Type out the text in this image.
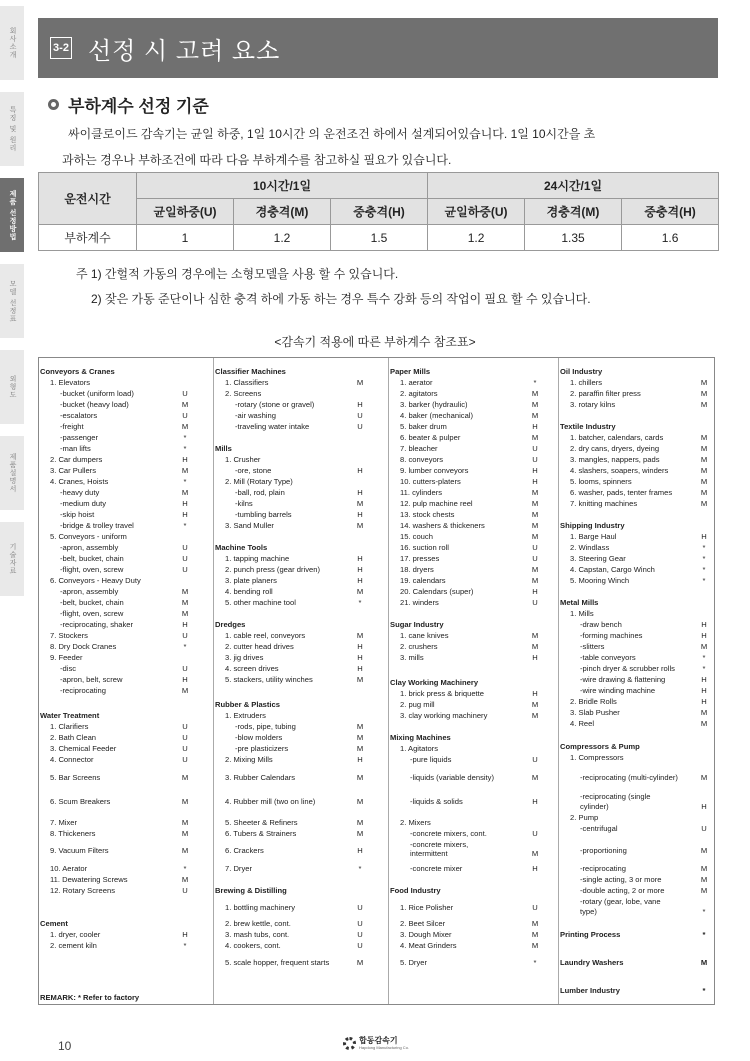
회사소개
특징 및 원리
제품 선정방법
모델 선정표
외형도
제품설명서
기술자료
3-2 선정 시 고려 요소
부하계수 선정 기준

싸이클로이드 감속기는 균일 하중, 1일 10시간 의 운전조건 하에서 설계되어있습니다. 1일 10시간을 초

과하는 경우나 부하조건에 따라 다음 부하계수를 참고하실 필요가 있습니다.

운전시간	10시간/1일			24시간/1일		
	균일하중(U)	경충격(M)	중충격(H)	균일하중(U)	경충격(M)	중충격(H)
부하계수	1	1.2	1.5	1.2	1.35	1.6

주 1) 간헐적 가동의 경우에는 소형모델을 사용 할 수 있습니다.

2) 잦은 가동 준단이나 심한 충격 하에 가동 하는 경우 특수 강화 등의 작업이 필요 할 수 있습니다.

<감속기 적용에 따른 부하계수 참조표>
Conveyors & Cranes
1. Elevators
-bucket (uniform load)	U
-bucket (heavy load)	M
-escalators	U
-freight	M
-passenger	*
-man lifts	*
2. Car dumpers	H
3. Car Pullers	M
4. Cranes, Hoists	*
-heavy duty	M
-medium duty	H
-skip hoist	H
-bridge & trolley travel	*
5. Conveyors - uniform
-apron, assembly	U
-belt, bucket, chain	U
-flight, oven, screw	U
6. Conveyors - Heavy Duty
-apron, assembly	M
-belt, bucket, chain	M
-flight, oven, screw	M
-reciprocating, shaker	H
7. Stockers	U
8. Dry Dock Cranes	*
9. Feeder
-disc	U
-apron, belt, screw	H
-reciprocating	M
Water Treatment
1. Clarifiers	U
2. Bath Clean	U
3. Chemical Feeder	U
4. Connector	U
5. Bar Screens	M
6. Scum Breakers	M
7. Mixer	M
8. Thickeners	M
9. Vacuum Filters	M
10. Aerator	*
11. Dewatering Screws	M
12. Rotary Screens	U
Cement
1. dryer, cooler	H
2. cement kiln	*
Classifier Machines
1. Classifiers	M
2. Screens
-rotary (stone or gravel)	H
-air washing	U
-traveling water intake	U
Mills
1. Crusher
-ore, stone	H
2. Mill (Rotary Type)
-ball, rod, plain	H
-kilns	M
-tumbling barrels	H
3. Sand Muller	M
Machine Tools
1. tapping machine	H
2. punch press (gear driven)	H
3. plate planers	H
4. bending roll	M
5. other machine tool	*
Dredges
1. cable reel, conveyors	M
2. cutter head drives	H
3. jig drives	H
4. screen drives	H
5. stackers, utility winches	M
Rubber & Plastics
1. Extruders
-rods, pipe, tubing	M
-blow molders	M
-pre plasticizers	M
2. Mixing Mills	H
3. Rubber Calendars	M
4. Rubber mill (two on line)	M
5. Sheeter & Refiners	M
6. Tubers & Strainers	M
6. Crackers	H
7. Dryer	*
Brewing & Distilling
1. bottling machinery	U
2. brew kettle, cont.	U
3. mash tubs, cont.	U
4. cookers, cont.	U
5. scale hopper, frequent starts	M
Paper Mills
1. aerator	*
2. agitators	M
3. barker (hydraulic)	M
4. baker (mechanical)	M
5. baker drum	H
6. beater & pulper	M
7. bleacher	U
8. conveyors	U
9. lumber conveyors	H
10. cutters-platers	H
11. cylinders	M
12. pulp machine reel	M
13. stock chests	M
14. washers & thickeners	M
15. couch	M
16. suction roll	U
17. presses	U
18. dryers	M
19. calendars	M
20. Calendars (super)	H
21. winders	U
Sugar Industry
1. cane knives	M
2. crushers	M
3. mills	H
Clay Working Machinery
1. brick press & briquette	H
2. pug mill	M
3. clay working machinery	M
Mixing Machines
1. Agitators
-pure liquids	U
-liquids (variable density)	M
-liquids & solids	H
2. Mixers
-concrete mixers, cont.	U
-concrete mixers,
intermittent	M
-concrete mixer	H
Food Industry
1. Rice Polisher	U
2. Beet Silcer	M
3. Dough Mixer	M
4. Meat Grinders	M
5. Dryer	*
Oil Industry
1. chillers	M
2. paraffin filter press	M
3. rotary kilns	M
Textile Industry
1. batcher, calendars, cards	M
2. dry cans, dryers, dyeing	M
3. mangles, nappers, pads	M
4. slashers, soapers, winders	M
5. looms, spinners	M
6. washer, pads, tenter frames	M
7. knitting machines	M
Shipping Industry
1. Barge Haul	H
2. Windlass	*
3. Steering Gear	*
4. Capstan, Cargo Winch	*
5. Mooring Winch	*
Metal Mills
1. Mills
-draw bench	H
-forming machines	H
-slitters	M
-table conveyors	*
-pinch dryer & scrubber rolls	*
-wire drawing & flattening	H
-wire winding machine	H
2. Bridle Rolls	H
3. Slab Pusher	M
4. Reel	M
Compressors & Pump
1. Compressors
-reciprocating (multi-cylinder)	M
-reciprocating (single
cylinder)	H
2. Pump
-centrifugal	U
-proportioning	M
-reciprocating	M
-single acting, 3 or more	M
-double acting, 2 or more	M
-rotary (gear, lobe, vane
type)	*
Printing Process	*
Laundry Washers	M
Lumber Industry	*
REMARK: * Refer to factory
10	합동감속기
Hapdong Manufacturing Co.
